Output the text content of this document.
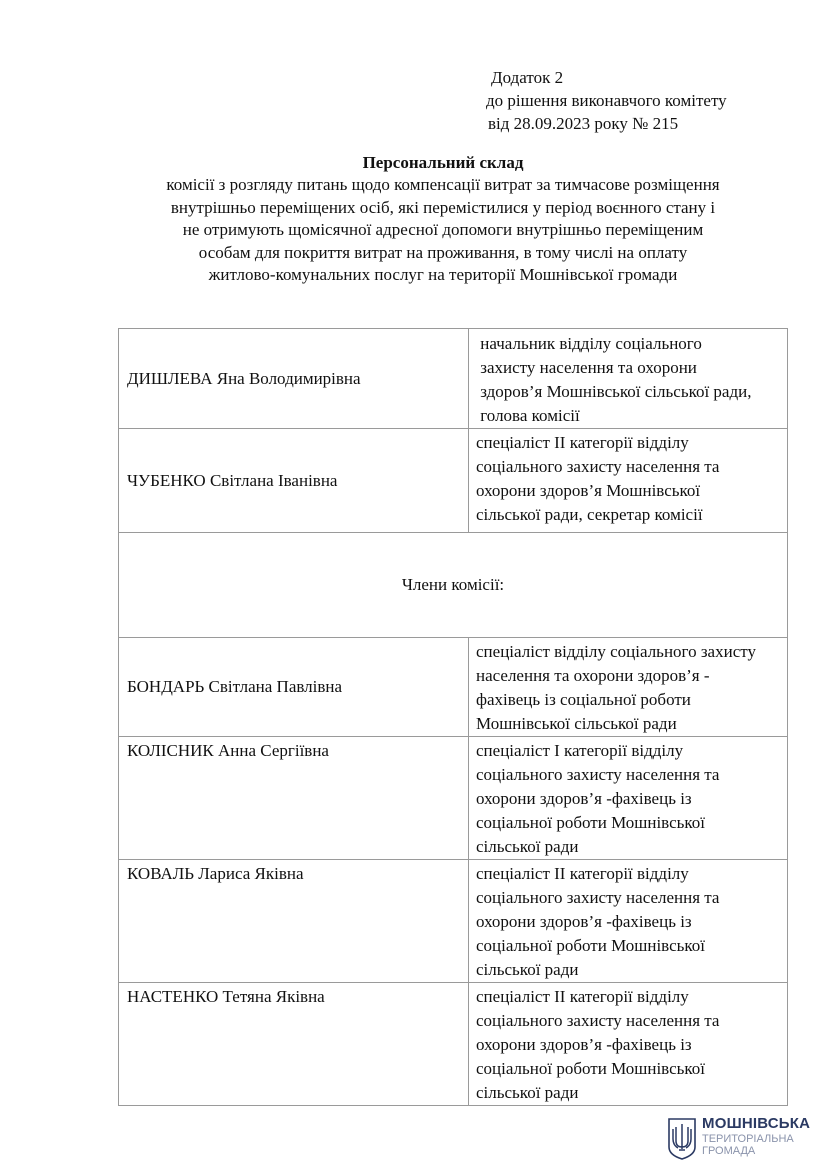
Додаток 2
до рішення виконавчого комітету
від 28.09.2023 року № 215
Персональний склад
комісії з розгляду питань щодо компенсації витрат за тимчасове розміщення
внутрішньо переміщених осіб, які перемістилися у період воєнного стану і
не отримують щомісячної адресної допомоги внутрішньо переміщеним
особам для покриття витрат на проживання, в тому числі на оплату
житлово-комунальних послуг на території Мошнівської громади
ДИШЛЕВА Яна Володимирівна	начальник відділу соціального
захисту населення та охорони
здоров’я Мошнівської сільської ради,
голова комісії

ЧУБЕНКО Світлана Іванівна	спеціаліст ІІ категорії відділу
соціального захисту населення та
охорони здоров’я Мошнівської
сільської ради, секретар комісії

Члени комісії:	
БОНДАРЬ Світлана Павлівна	спеціаліст відділу соціального захисту
населення та охорони здоров’я -
фахівець із соціальної роботи
Мошнівської сільської ради

КОЛІСНИК Анна Сергіївна	спеціаліст І категорії відділу
соціального захисту населення та
охорони здоров’я -фахівець із
соціальної роботи Мошнівської
сільської ради

КОВАЛЬ Лариса Яківна	спеціаліст ІІ категорії відділу
соціального захисту населення та
охорони здоров’я -фахівець із
соціальної роботи Мошнівської
сільської ради

НАСТЕНКО Тетяна Яківна	спеціаліст ІІ категорії відділу
соціального захисту населення та
охорони здоров’я -фахівець із
соціальної роботи Мошнівської
сільської ради
МОШНІВСЬКА
ТЕРИТОРІАЛЬНА
ГРОМАДА
